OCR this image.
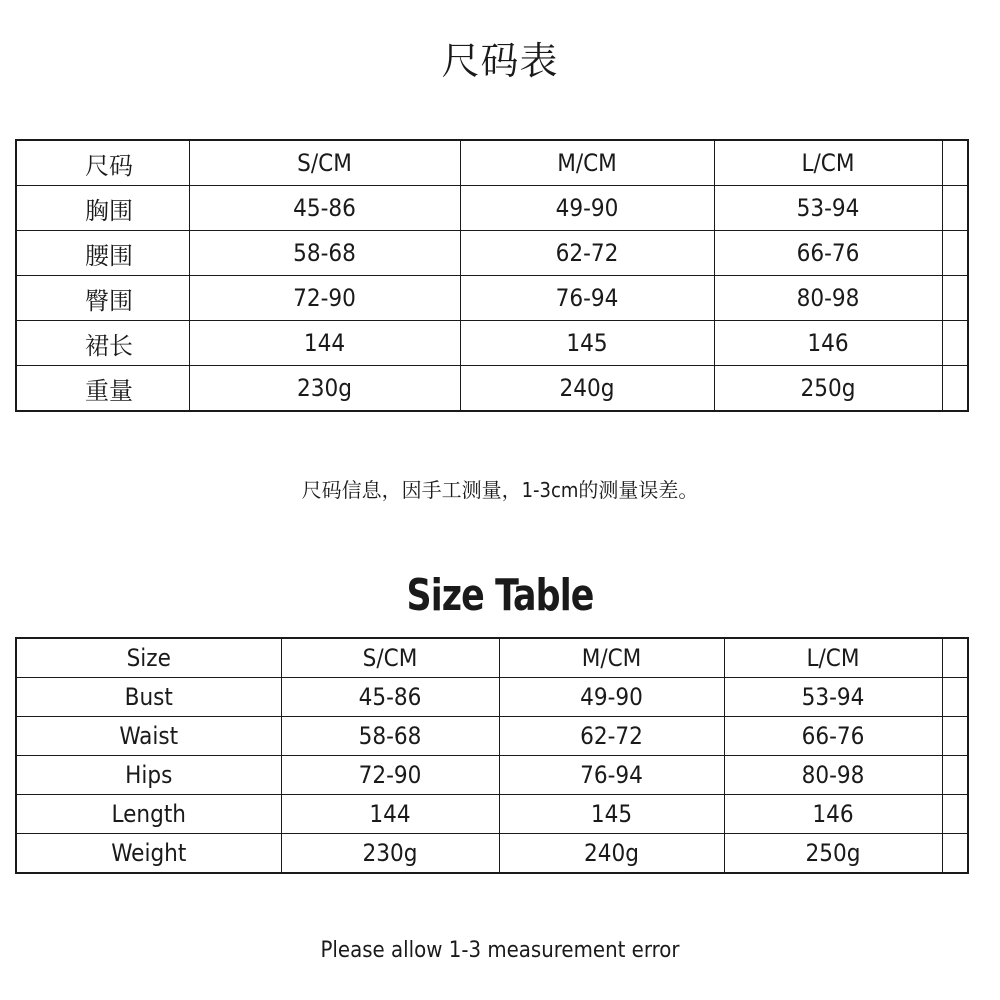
尺码表
尺码	S/CM	M/CM	L/CM	
胸围	45-86	49-90	53-94	
腰围	58-68	62-72	66-76	
臀围	72-90	76-94	80-98	
裙长	144	145	146	
重量	230g	240g	250g	
尺码信息，因手工测量，1-3cm的测量误差。
Size Table
Size	S/CM	M/CM	L/CM	
Bust	45-86	49-90	53-94	
Waist	58-68	62-72	66-76	
Hips	72-90	76-94	80-98	
Length	144	145	146	
Weight	230g	240g	250g	
Please allow 1-3 measurement error
